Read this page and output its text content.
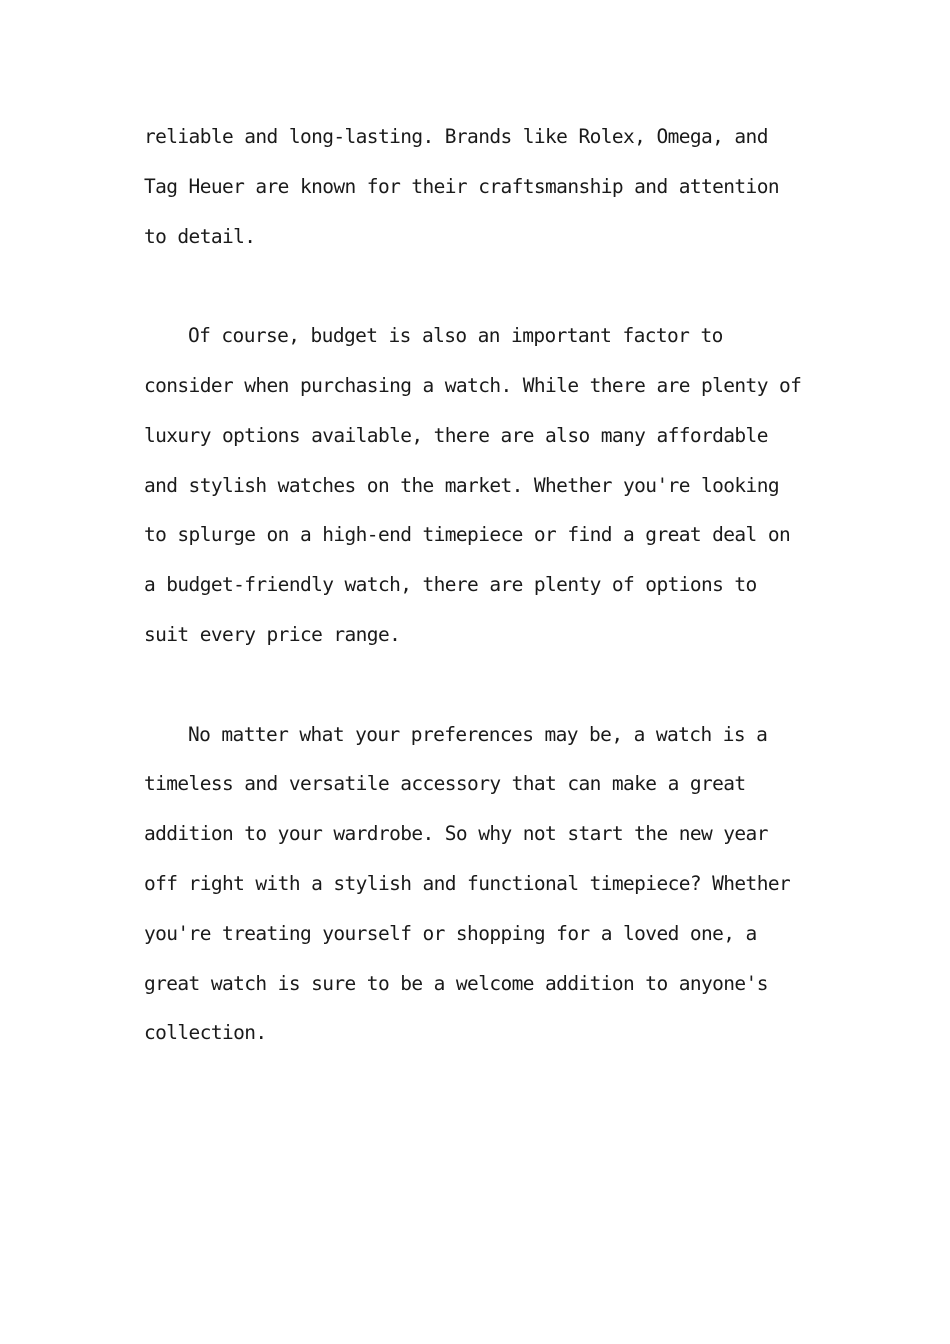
reliable and long-lasting. Brands like Rolex, Omega, and
Tag Heuer are known for their craftsmanship and attention
to detail.
Of course, budget is also an important factor to
consider when purchasing a watch. While there are plenty of
luxury options available, there are also many affordable
and stylish watches on the market. Whether you're looking
to splurge on a high-end timepiece or find a great deal on
a budget-friendly watch, there are plenty of options to
suit every price range.
No matter what your preferences may be, a watch is a
timeless and versatile accessory that can make a great
addition to your wardrobe. So why not start the new year
off right with a stylish and functional timepiece? Whether
you're treating yourself or shopping for a loved one, a
great watch is sure to be a welcome addition to anyone's
collection.
